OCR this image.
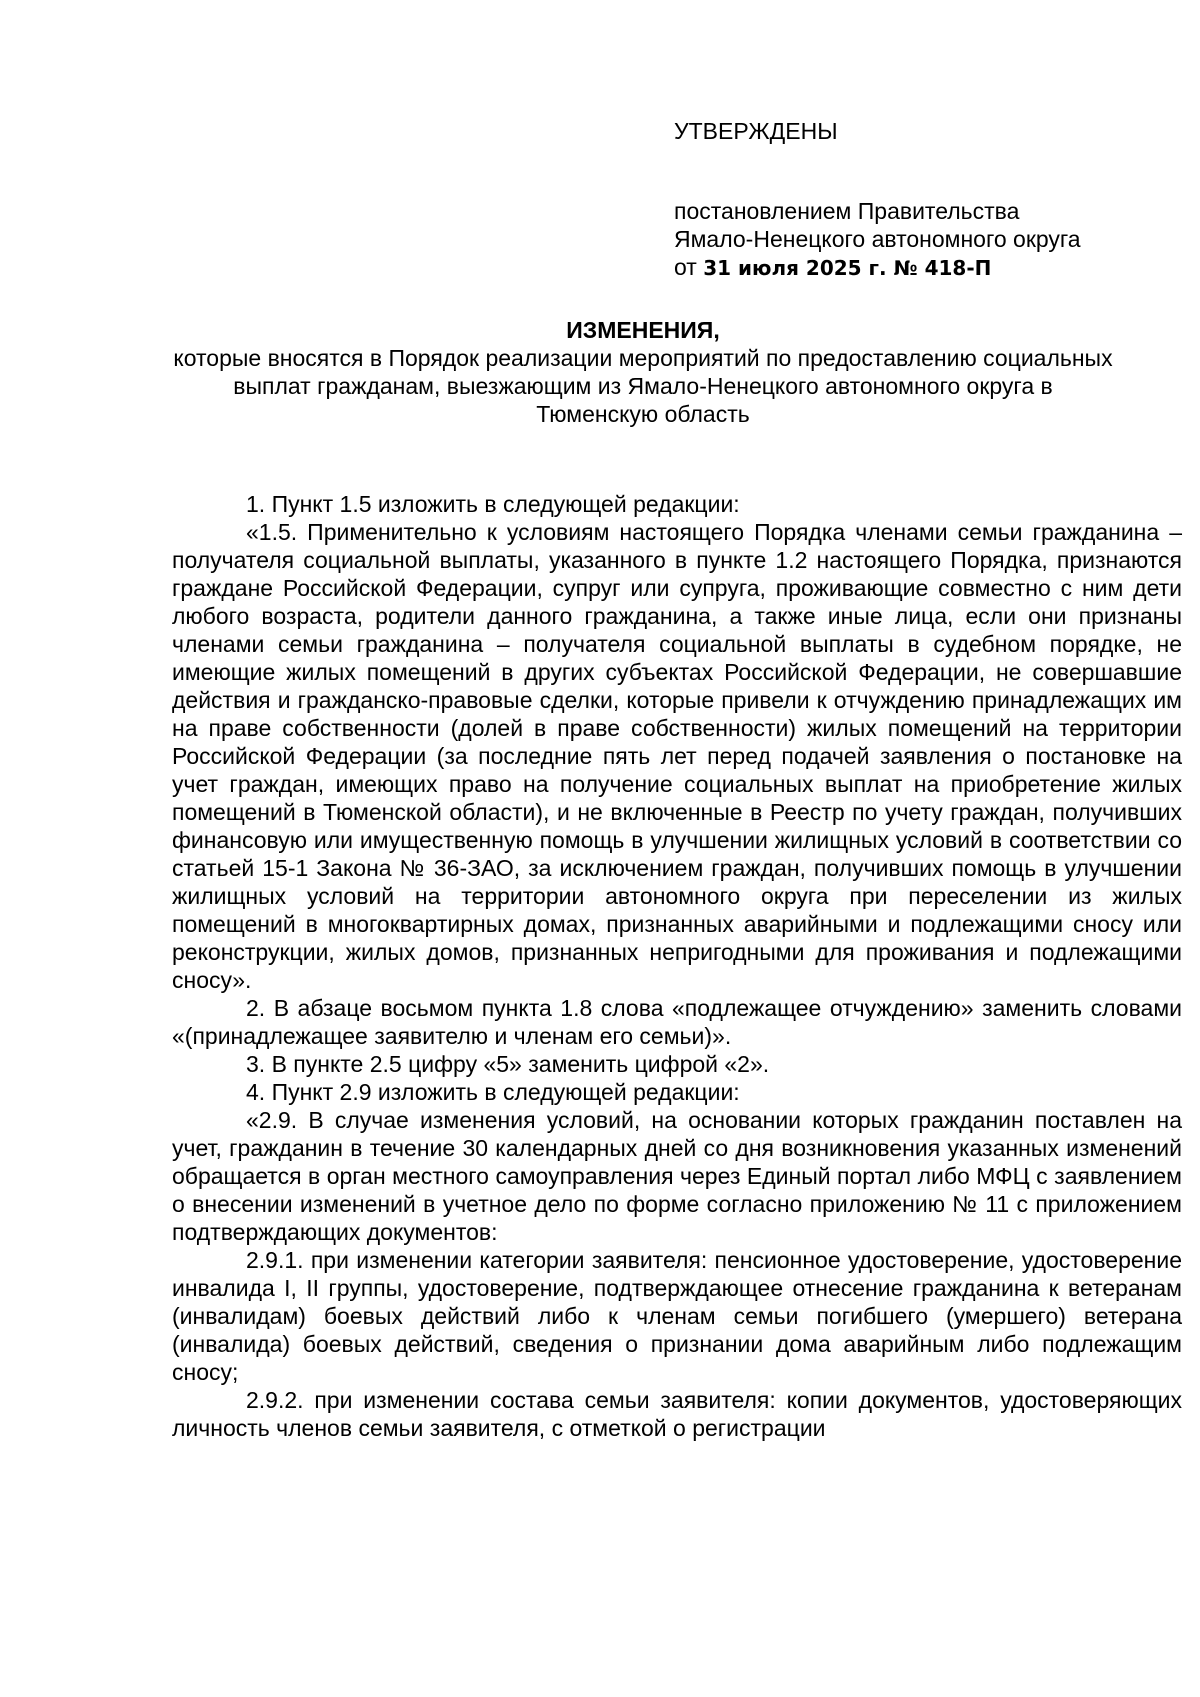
УТВЕРЖДЕНЫ
постановлением Правительства
Ямало-Ненецкого автономного округа
от 31 июля 2025 г. № 418-П
ИЗМЕНЕНИЯ,
которые вносятся в Порядок реализации мероприятий по предоставлению социальных выплат гражданам, выезжающим из Ямало-Ненецкого автономного округа в Тюменскую область

1. Пункт 1.5 изложить в следующей редакции:

«1.5. Применительно к условиям настоящего Порядка членами семьи гражданина – получателя социальной выплаты, указанного в пункте 1.2 настоящего Порядка, признаются граждане Российской Федерации, супруг или супруга, проживающие совместно с ним дети любого возраста, родители данного гражданина, а также иные лица, если они признаны членами семьи гражданина – получателя социальной выплаты в судебном порядке, не имеющие жилых помещений в других субъектах Российской Федерации, не совершавшие действия и гражданско-правовые сделки, которые привели к отчуждению принадлежащих им на праве собственности (долей в праве собственности) жилых помещений на территории Российской Федерации (за последние пять лет перед подачей заявления о постановке на учет граждан, имеющих право на получение социальных выплат на приобретение жилых помещений в Тюменской области), и не включенные в Реестр по учету граждан, получивших финансовую или имущественную помощь в улучшении жилищных условий в соответствии со статьей 15-1 Закона № 36-ЗАО, за исключением граждан, получивших помощь в улучшении жилищных условий на территории автономного округа при переселении из жилых помещений в многоквартирных домах, признанных аварийными и подлежащими сносу или реконструкции, жилых домов, признанных непригодными для проживания и подлежащими сносу».

2. В абзаце восьмом пункта 1.8 слова «подлежащее отчуждению» заменить словами «(принадлежащее заявителю и членам его семьи)».

3. В пункте 2.5 цифру «5» заменить цифрой «2».

4. Пункт 2.9 изложить в следующей редакции:

«2.9. В случае изменения условий, на основании которых гражданин поставлен на учет, гражданин в течение 30 календарных дней со дня возникновения указанных изменений обращается в орган местного самоуправления через Единый портал либо МФЦ с заявлением о внесении изменений в учетное дело по форме согласно приложению № 11 с приложением подтверждающих документов:

2.9.1. при изменении категории заявителя: пенсионное удостоверение, удостоверение инвалида I, II группы, удостоверение, подтверждающее отнесение гражданина к ветеранам (инвалидам) боевых действий либо к членам семьи погибшего (умершего) ветерана (инвалида) боевых действий, сведения о признании дома аварийным либо подлежащим сносу;

2.9.2. при изменении состава семьи заявителя: копии документов, удостоверяющих личность членов семьи заявителя, с отметкой о регистрации
